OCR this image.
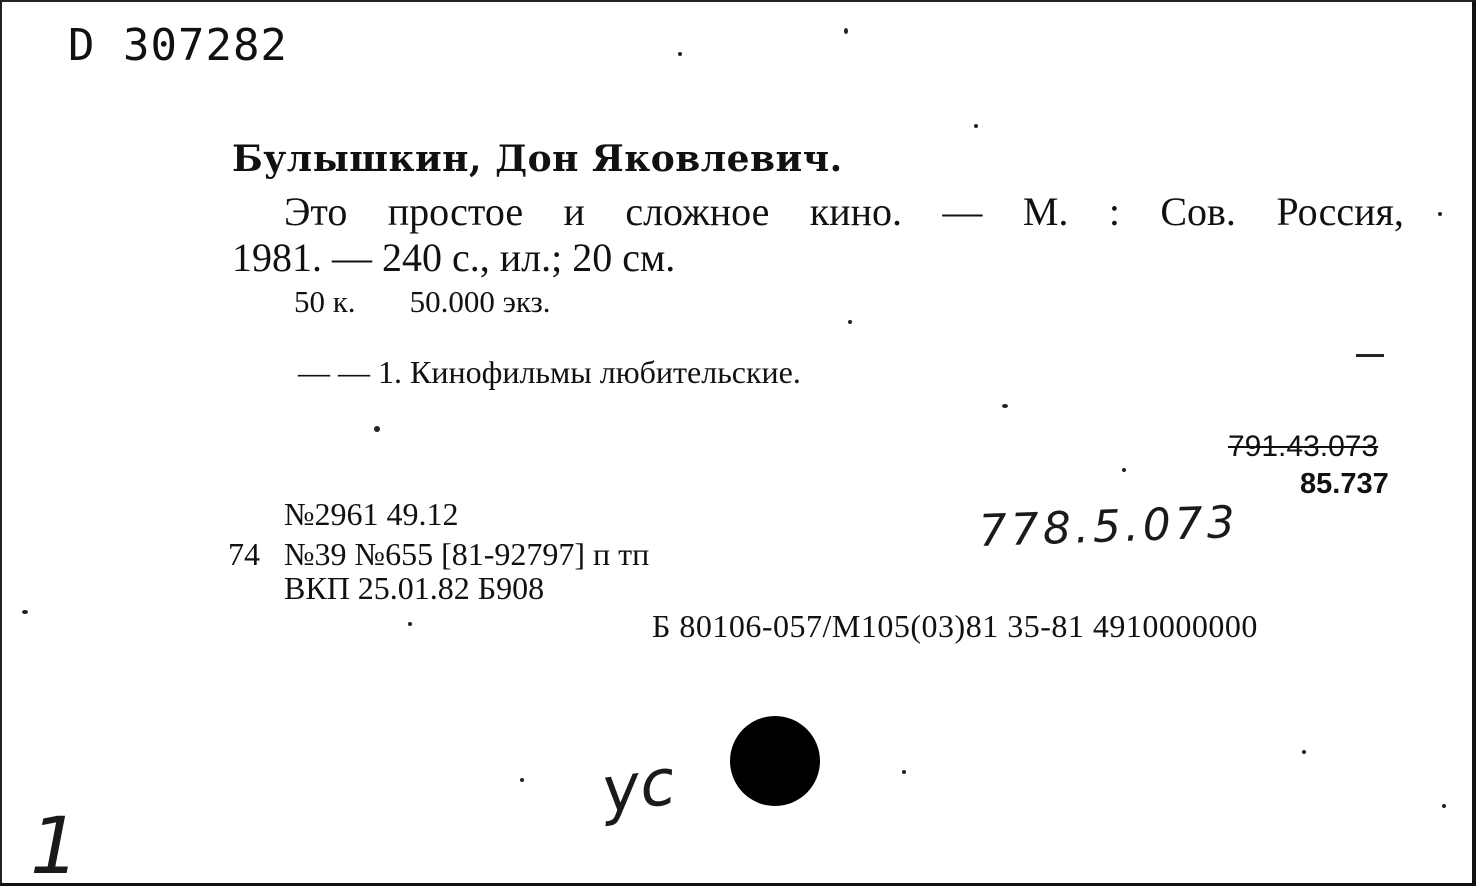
D 307282
Булышкин, Дон Яковлевич.
Это простое и сложное кино. — М. : Сов. Россия,
1981. — 240 с., ил.; 20 см.
50 к. 50.000 экз.
— — 1. Кинофильмы любительские.
791.43.073
85.737
778.5.073
№2961 49.12
74 №39 №655 [81-92797] п тп
ВКП 25.01.82 Б908
Б 80106-057/М105(03)81 35-81 4910000000
ус
1
